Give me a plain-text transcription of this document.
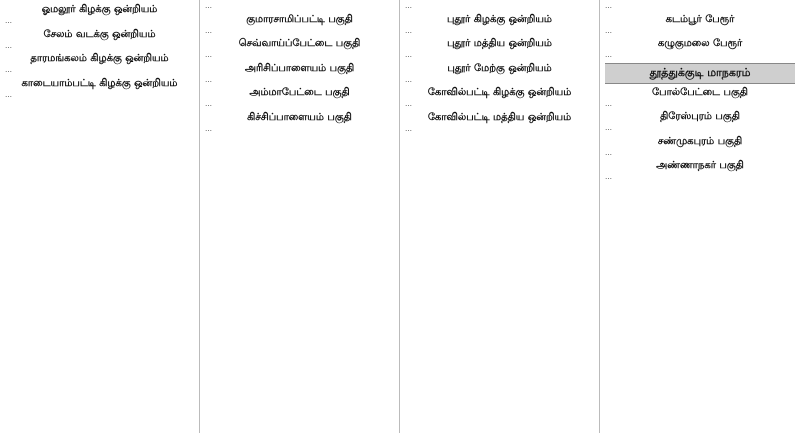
ஓமலூர் கிழக்கு ஒன்றியம்
…
சேலம் வடக்கு ஒன்றியம்
…
தாரமங்கலம் கிழக்கு ஒன்றியம்
…
காடையாம்பட்டி கிழக்கு ஒன்றியம்
…
…
குமாரசாமிப்பட்டி பகுதி
…
செவ்வாய்ப்பேட்டை பகுதி
…
அரிசிப்பாளையம் பகுதி
…
அம்மாபேட்டை பகுதி
…
கிச்சிப்பாளையம் பகுதி
…
…
புதூர் கிழக்கு ஒன்றியம்
…
புதூர் மத்திய ஒன்றியம்
…
புதூர் மேற்கு ஒன்றியம்
…
கோவில்பட்டி கிழக்கு ஒன்றியம்
…
கோவில்பட்டி மத்திய ஒன்றியம்
…
…
கடம்பூர் பேரூர்
…
கழுகுமலை பேரூர்
…
தூத்துக்குடி மாநகரம்
போல்பேட்டை பகுதி
…
திரேஸ்புரம் பகுதி
…
சண்முகபுரம் பகுதி
…
அண்ணாநகர் பகுதி
…
